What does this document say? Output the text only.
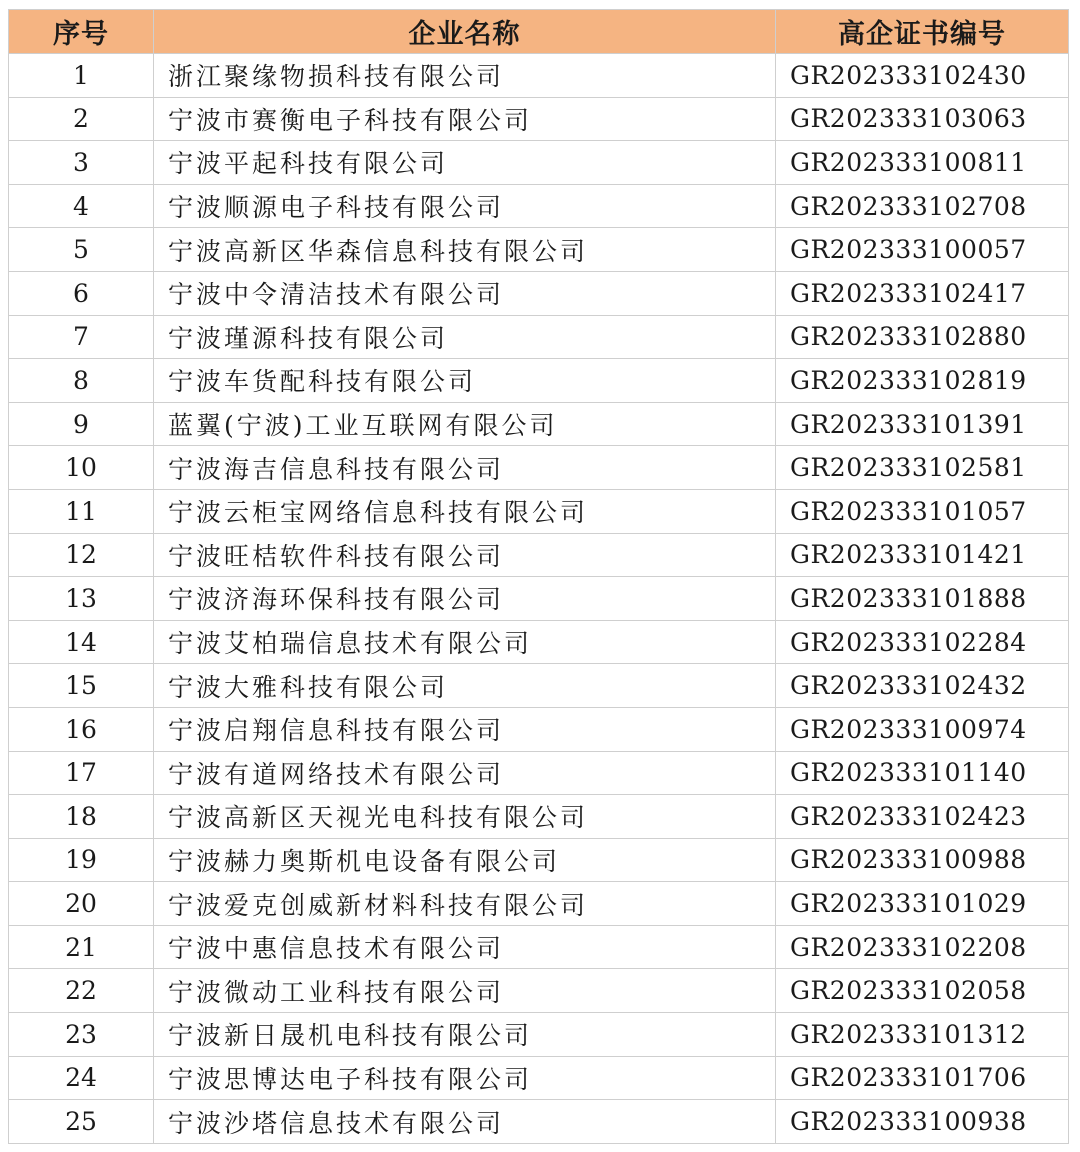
序号	企业名称	高企证书编号
1	浙江聚缘物损科技有限公司	GR202333102430
2	宁波市赛衡电子科技有限公司	GR202333103063
3	宁波平起科技有限公司	GR202333100811
4	宁波顺源电子科技有限公司	GR202333102708
5	宁波高新区华森信息科技有限公司	GR202333100057
6	宁波中令清洁技术有限公司	GR202333102417
7	宁波瑾源科技有限公司	GR202333102880
8	宁波车货配科技有限公司	GR202333102819
9	蓝翼(宁波)工业互联网有限公司	GR202333101391
10	宁波海吉信息科技有限公司	GR202333102581
11	宁波云柜宝网络信息科技有限公司	GR202333101057
12	宁波旺桔软件科技有限公司	GR202333101421
13	宁波济海环保科技有限公司	GR202333101888
14	宁波艾柏瑞信息技术有限公司	GR202333102284
15	宁波大雅科技有限公司	GR202333102432
16	宁波启翔信息科技有限公司	GR202333100974
17	宁波有道网络技术有限公司	GR202333101140
18	宁波高新区天视光电科技有限公司	GR202333102423
19	宁波赫力奥斯机电设备有限公司	GR202333100988
20	宁波爱克创威新材料科技有限公司	GR202333101029
21	宁波中惠信息技术有限公司	GR202333102208
22	宁波微动工业科技有限公司	GR202333102058
23	宁波新日晟机电科技有限公司	GR202333101312
24	宁波思博达电子科技有限公司	GR202333101706
25	宁波沙塔信息技术有限公司	GR202333100938
